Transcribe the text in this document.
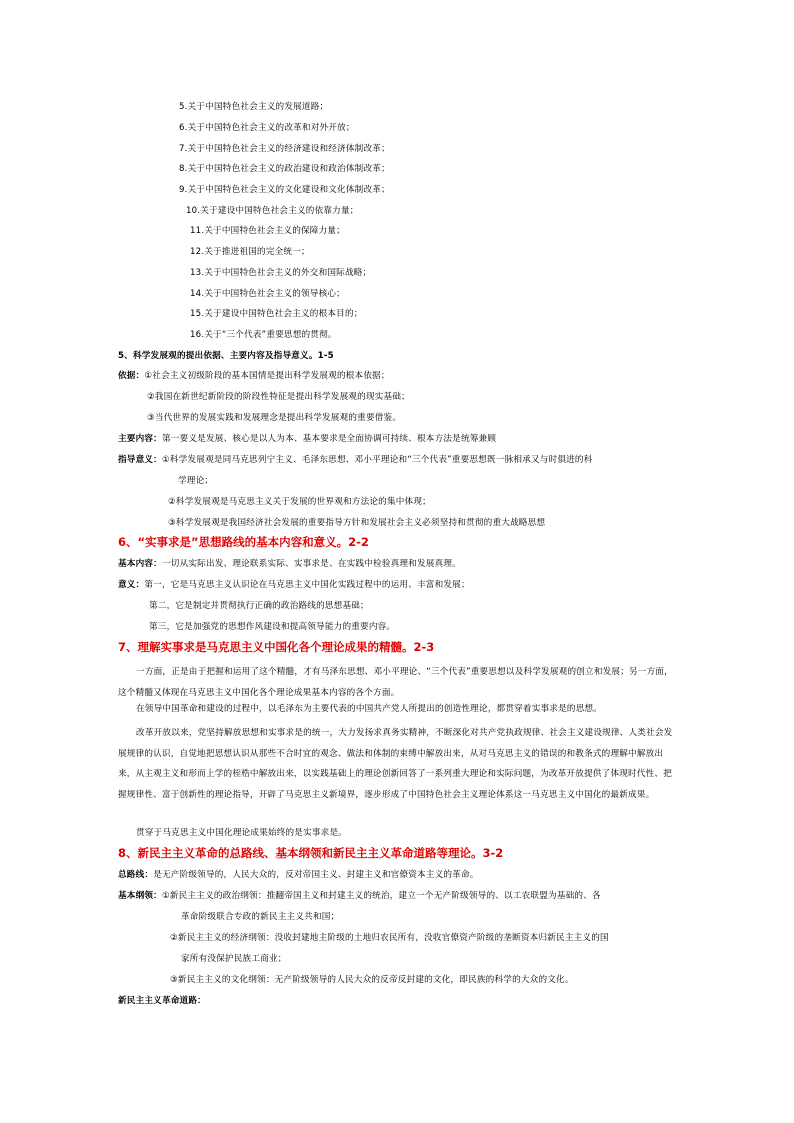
5.关于中国特色社会主义的发展道路；
6.关于中国特色社会主义的改革和对外开放；
7.关于中国特色社会主义的经济建设和经济体制改革；
8.关于中国特色社会主义的政治建设和政治体制改革；
9.关于中国特色社会主义的文化建设和文化体制改革；
10.关于建设中国特色社会主义的依靠力量；
11.关于中国特色社会主义的保障力量；
12.关于推进祖国的完全统一；
13.关于中国特色社会主义的外交和国际战略；
14.关于中国特色社会主义的领导核心；
15.关于建设中国特色社会主义的根本目的；
16.关于“三个代表”重要思想的贯彻。
5、科学发展观的提出依据、主要内容及指导意义。1-5
依据：①社会主义初级阶段的基本国情是提出科学发展观的根本依据；
②我国在新世纪新阶段的阶段性特征是提出科学发展观的现实基础；
③当代世界的发展实践和发展理念是提出科学发展观的重要借鉴。
主要内容：第一要义是发展、核心是以人为本、基本要求是全面协调可持续、根本方法是统筹兼顾
指导意义：①科学发展观是同马克思列宁主义、毛泽东思想、邓小平理论和“三个代表”重要思想既一脉相承又与时俱进的科
学理论；
②科学发展观是马克思主义关于发展的世界观和方法论的集中体现；
③科学发展观是我国经济社会发展的重要指导方针和发展社会主义必须坚持和贯彻的重大战略思想
6、“实事求是”思想路线的基本内容和意义。2-2
基本内容：一切从实际出发、理论联系实际、实事求是、在实践中检验真理和发展真理。
意义：第一，它是马克思主义认识论在马克思主义中国化实践过程中的运用、丰富和发展；
第二，它是制定并贯彻执行正确的政治路线的思想基础；
第三，它是加强党的思想作风建设和提高领导能力的重要内容。
7、理解实事求是马克思主义中国化各个理论成果的精髓。2-3
一方面，正是由于把握和运用了这个精髓，才有马泽东思想、邓小平理论、“三个代表”重要思想以及科学发展观的创立和发展；另一方面，这个精髓又体现在马克思主义中国化各个理论成果基本内容的各个方面。
在领导中国革命和建设的过程中，以毛泽东为主要代表的中国共产党人所提出的创造性理论，都贯穿着实事求是的思想。
改革开放以来，党坚持解放思想和实事求是的统一，大力发扬求真务实精神，不断深化对共产党执政规律、社会主义建设规律、人类社会发展规律的认识，自觉地把思想认识从那些不合时宜的观念、做法和体制的束缚中解放出来，从对马克思主义的错误的和教条式的理解中解放出来，从主观主义和形而上学的桎梏中解放出来，以实践基础上的理论创新回答了一系列重大理论和实际问题，为改革开放提供了体现时代性、把握规律性、富于创新性的理论指导，开辟了马克思主义新境界，逐步形成了中国特色社会主义理论体系这一马克思主义中国化的最新成果。
贯穿于马克思主义中国化理论成果始终的是实事求是。
8、新民主主义革命的总路线、基本纲领和新民主主义革命道路等理论。3-2
总路线：是无产阶级领导的，人民大众的，反对帝国主义、封建主义和官僚资本主义的革命。
基本纲领：①新民主主义的政治纲领：推翻帝国主义和封建主义的统治，建立一个无产阶级领导的、以工农联盟为基础的、各
革命阶级联合专政的新民主主义共和国；
②新民主主义的经济纲领：没收封建地主阶级的土地归农民所有，没收官僚资产阶级的垄断资本归新民主主义的国
家所有没保护民族工商业；
③新民主主义的文化纲领：无产阶级领导的人民大众的反帝反封建的文化，即民族的科学的大众的文化。
新民主主义革命道路：
